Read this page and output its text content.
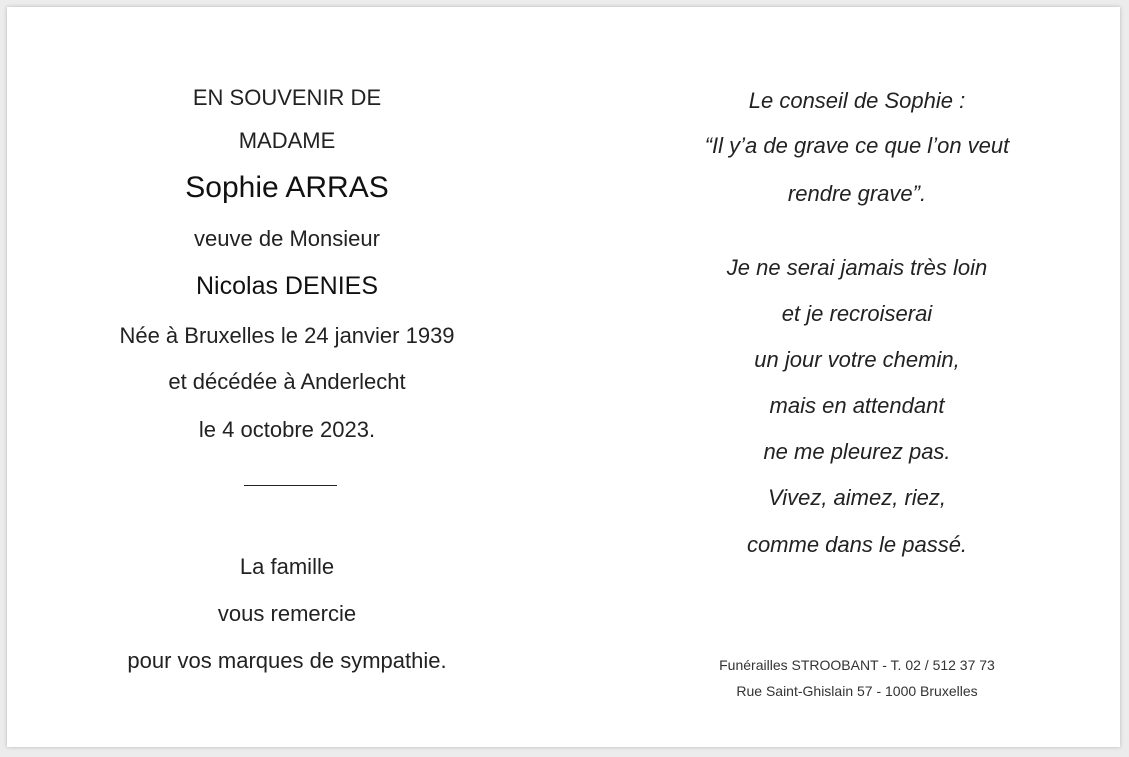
EN SOUVENIR DE
MADAME
Sophie ARRAS
veuve de Monsieur
Nicolas DENIES
Née à Bruxelles le 24 janvier 1939
et décédée à Anderlecht
le 4 octobre 2023.
La famille
vous remercie
pour vos marques de sympathie.
Le conseil de Sophie :
“Il y’a de grave ce que l’on veut
rendre grave”.
Je ne serai jamais très loin
et je recroiserai
un jour votre chemin,
mais en attendant
ne me pleurez pas.
Vivez, aimez, riez,
comme dans le passé.
Funérailles STROOBANT - T. 02 / 512 37 73
Rue Saint-Ghislain 57 - 1000 Bruxelles
